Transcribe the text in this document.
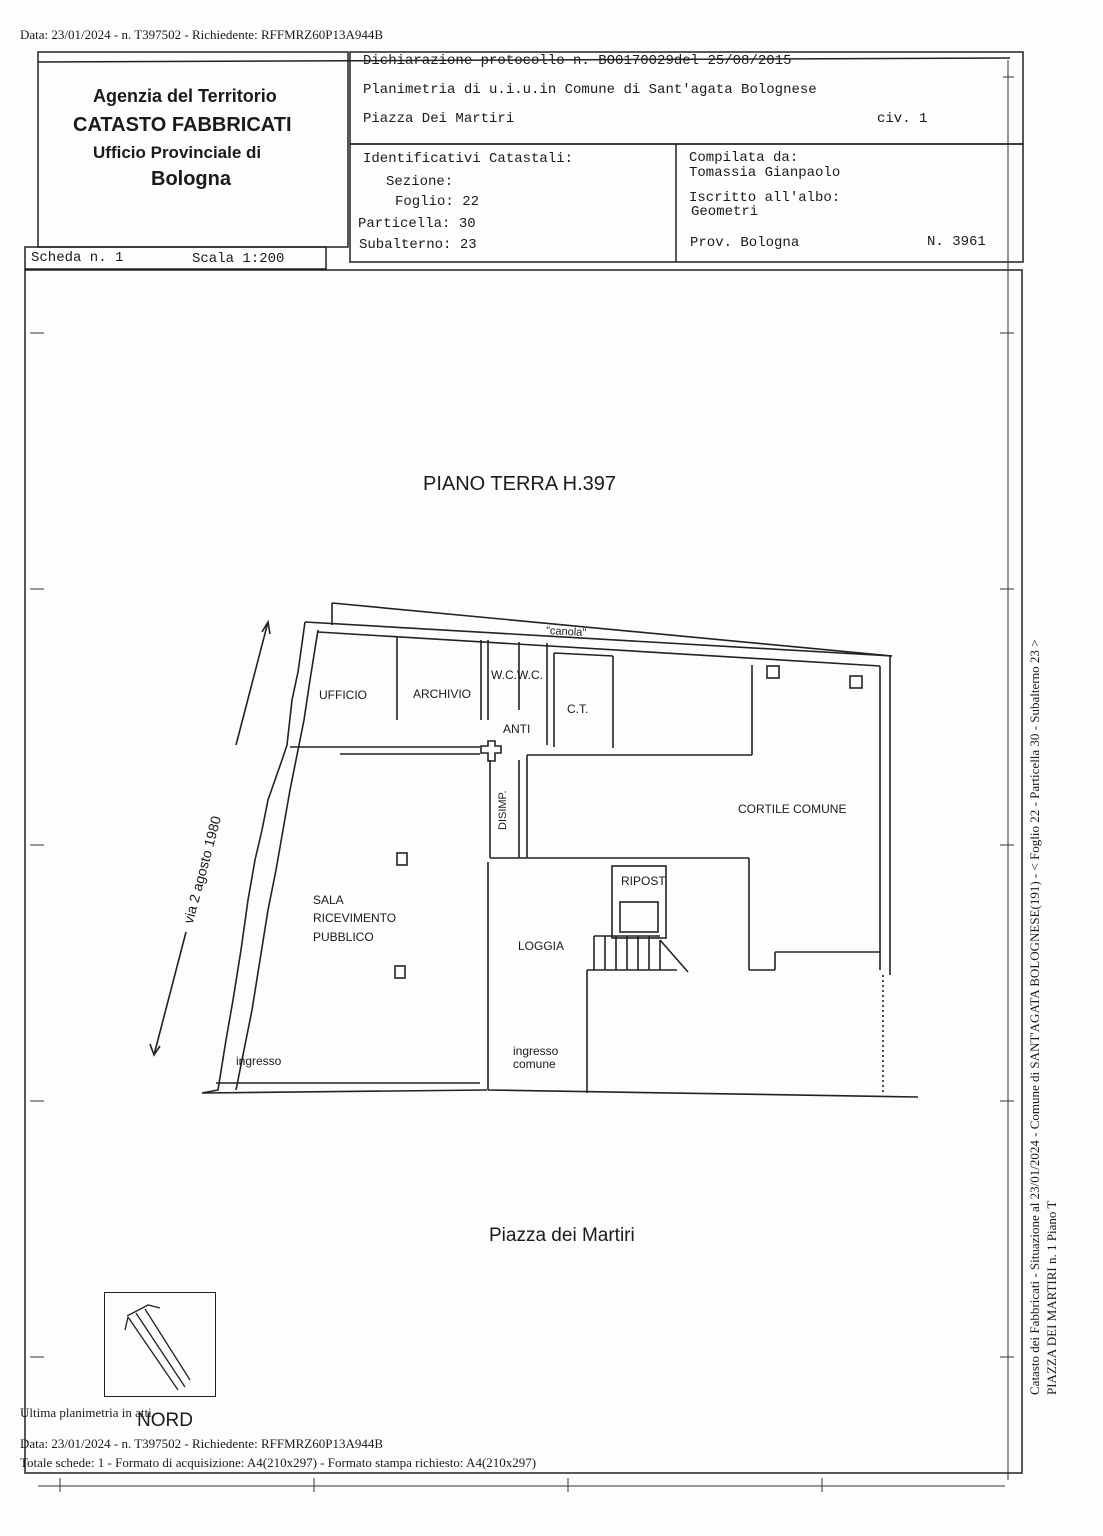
Data: 23/01/2024 - n. T397502 - Richiedente: RFFMRZ60P13A944B
Agenzia del Territorio
CATASTO FABBRICATI
Ufficio Provinciale di
Bologna
Dichiarazione protocollo n. BO0170029del 25/08/2015
Planimetria di u.i.u.in Comune di Sant'agata Bolognese
Piazza Dei Martiri	civ. 1
Identificativi Catastali:
Sezione:
Foglio: 22
Particella: 30
Subalterno: 23
Compilata da:
Tomassia Gianpaolo
Iscritto all'albo:
Geometri
Prov. Bologna	N. 3961
Scheda n. 1	Scala 1:200
PIANO TERRA H.397
UFFICIO	ARCHIVIO
W.C.W.C.
ANTI
C.T.
"canola"
DISIMP.	CORTILE COMUNE
RIPOST.
LOGGIA
SALA
RICEVIMENTO
PUBBLICO
ingresso
ingresso
comune
via 2 agosto 1980
Piazza dei Martiri
NORD
Ultima planimetria in atti
Data: 23/01/2024 - n. T397502 - Richiedente: RFFMRZ60P13A944B
Totale schede: 1 - Formato di acquisizione: A4(210x297) - Formato stampa richiesto: A4(210x297)
Catasto dei Fabbricati - Situazione al 23/01/2024 - Comune di SANT'AGATA BOLOGNESE(191) - < Foglio 22 - Particella 30 - Subalterno 23 > PIAZZA DEI MARTIRI n. 1 Piano T
